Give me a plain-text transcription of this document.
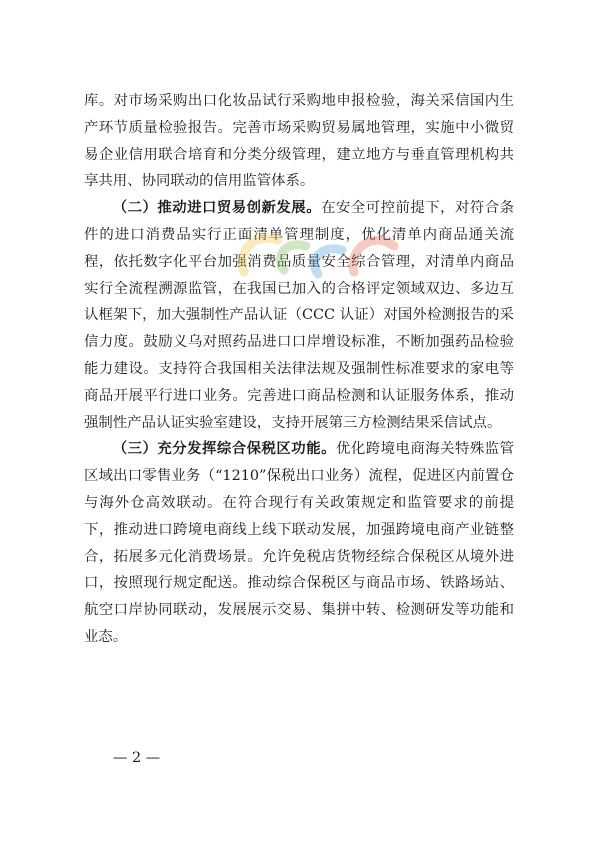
库。对市场采购出口化妆品试行采购地申报检验，海关采信国内生产环节质量检验报告。完善市场采购贸易属地管理，实施中小微贸易企业信用联合培育和分类分级管理，建立地方与垂直管理机构共享共用、协同联动的信用监管体系。

（二）推动进口贸易创新发展。在安全可控前提下，对符合条件的进口消费品实行正面清单管理制度，优化清单内商品通关流程，依托数字化平台加强消费品质量安全综合管理，对清单内商品实行全流程溯源监管，在我国已加入的合格评定领域双边、多边互认框架下，加大强制性产品认证（CCC 认证）对国外检测报告的采信力度。鼓励义乌对照药品进口口岸增设标准，不断加强药品检验能力建设。支持符合我国相关法律法规及强制性标准要求的家电等商品开展平行进口业务。完善进口商品检测和认证服务体系，推动强制性产品认证实验室建设，支持开展第三方检测结果采信试点。

（三）充分发挥综合保税区功能。优化跨境电商海关特殊监管区域出口零售业务（“1210”保税出口业务）流程，促进区内前置仓与海外仓高效联动。在符合现行有关政策规定和监管要求的前提下，推动进口跨境电商线上线下联动发展，加强跨境电商产业链整合，拓展多元化消费场景。允许免税店货物经综合保税区从境外进口，按照现行规定配送。推动综合保税区与商品市场、铁路场站、航空口岸协同联动，发展展示交易、集拼中转、检测研发等功能和业态。

— 2 —
